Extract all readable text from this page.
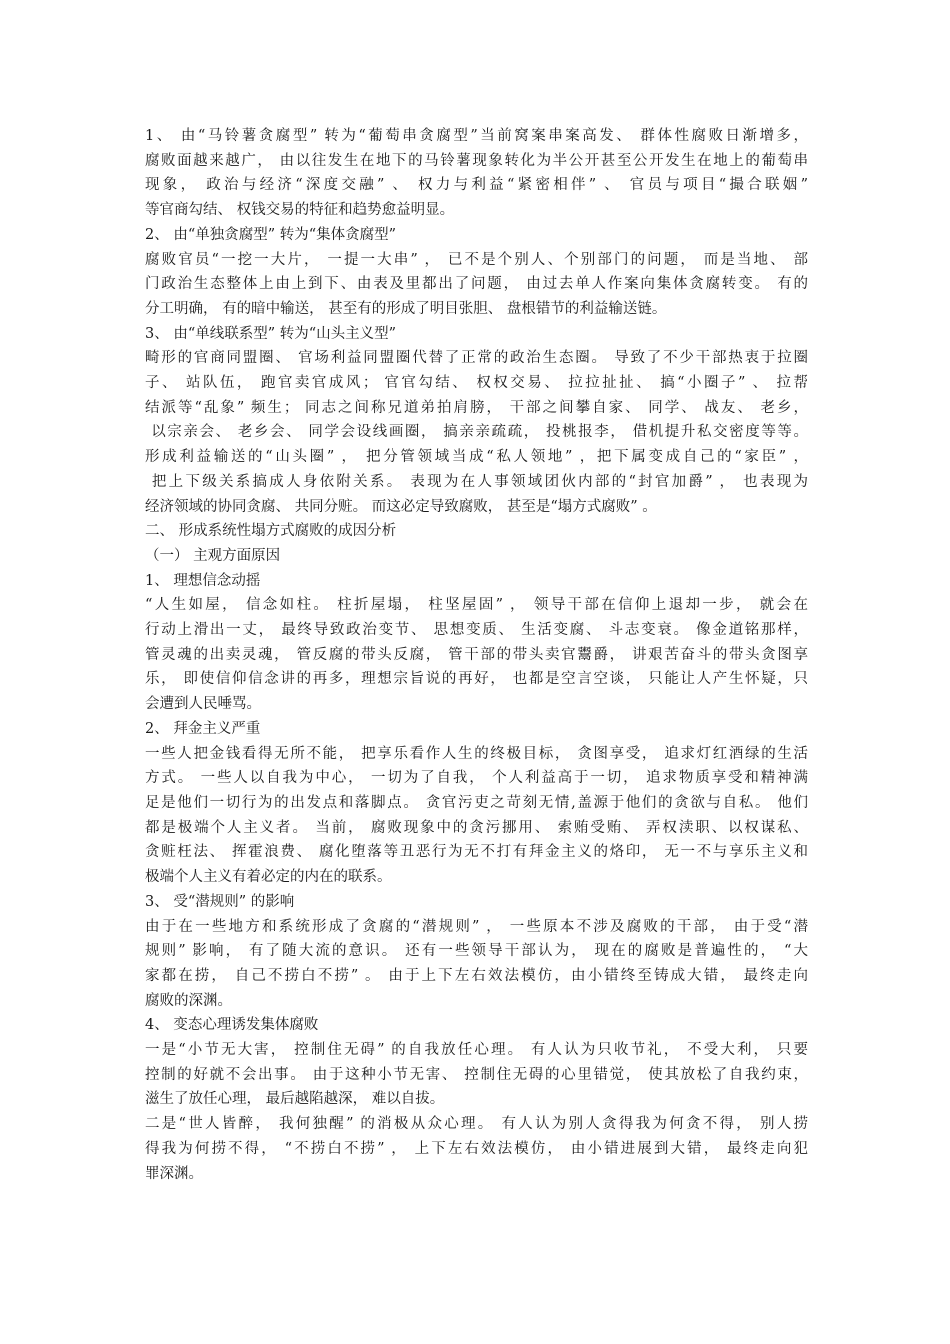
1、 由“马铃薯贪腐型” 转为“葡萄串贪腐型”当前窝案串案高发、 群体性腐败日渐增多，
腐败面越来越广， 由以往发生在地下的马铃薯现象转化为半公开甚至公开发生在地上的葡萄串
现象， 政治与经济“深度交融” 、 权力与利益“紧密相伴” 、 官员与项目“撮合联姻”
等官商勾结、 权钱交易的特征和趋势愈益明显。
2、 由“单独贪腐型” 转为“集体贪腐型”
腐败官员“一挖一大片， 一提一大串” ， 已不是个别人、个别部门的问题， 而是当地、 部
门政治生态整体上由上到下、由表及里都出了问题， 由过去单人作案向集体贪腐转变。 有的
分工明确， 有的暗中输送， 甚至有的形成了明目张胆、 盘根错节的利益输送链。
3、 由“单线联系型” 转为“山头主义型”
畸形的官商同盟圈、 官场利益同盟圈代替了正常的政治生态圈。 导致了不少干部热衷于拉圈
子、 站队伍， 跑官卖官成风； 官官勾结、 权权交易、 拉拉扯扯、 搞“小圈子” 、 拉帮
结派等“乱象” 频生； 同志之间称兄道弟拍肩膀， 干部之间攀自家、 同学、 战友、 老乡，
以宗亲会、 老乡会、 同学会设线画圈， 搞亲亲疏疏， 投桃报李， 借机提升私交密度等等。
形成利益输送的“山头圈” ， 把分管领域当成“私人领地” ，把下属变成自己的“家臣” ，
把上下级关系搞成人身依附关系。 表现为在人事领域团伙内部的“封官加爵” ， 也表现为
经济领域的协同贪腐、 共同分赃。 而这必定导致腐败， 甚至是“塌方式腐败” 。
二、 形成系统性塌方式腐败的成因分析
（一） 主观方面原因
1、 理想信念动摇
“人生如屋， 信念如柱。 柱折屋塌， 柱坚屋固” ， 领导干部在信仰上退却一步， 就会在
行动上滑出一丈， 最终导致政治变节、 思想变质、 生活变腐、 斗志变衰。 像金道铭那样，
管灵魂的出卖灵魂， 管反腐的带头反腐， 管干部的带头卖官鬻爵， 讲艰苦奋斗的带头贪图享
乐， 即使信仰信念讲的再多，理想宗旨说的再好， 也都是空言空谈， 只能让人产生怀疑，只
会遭到人民唾骂。
2、 拜金主义严重
一些人把金钱看得无所不能， 把享乐看作人生的终极目标， 贪图享受， 追求灯红酒绿的生活
方式。 一些人以自我为中心， 一切为了自我， 个人利益高于一切， 追求物质享受和精神满
足是他们一切行为的出发点和落脚点。 贪官污吏之苛刻无情,盖源于他们的贪欲与自私。 他们
都是极端个人主义者。 当前， 腐败现象中的贪污挪用、 索贿受贿、 弄权渎职、以权谋私、
贪赃枉法、 挥霍浪费、 腐化堕落等丑恶行为无不打有拜金主义的烙印， 无一不与享乐主义和
极端个人主义有着必定的内在的联系。
3、 受“潜规则” 的影响
由于在一些地方和系统形成了贪腐的“潜规则” ， 一些原本不涉及腐败的干部， 由于受“潜
规则” 影响， 有了随大流的意识。 还有一些领导干部认为， 现在的腐败是普遍性的， “大
家都在捞， 自己不捞白不捞” 。 由于上下左右效法模仿，由小错终至铸成大错， 最终走向
腐败的深渊。
4、 变态心理诱发集体腐败
一是“小节无大害， 控制住无碍” 的自我放任心理。 有人认为只收节礼， 不受大利， 只要
控制的好就不会出事。 由于这种小节无害、 控制住无碍的心里错觉， 使其放松了自我约束，
滋生了放任心理， 最后越陷越深， 难以自拔。
二是“世人皆醉， 我何独醒” 的消极从众心理。 有人认为别人贪得我为何贪不得， 别人捞
得我为何捞不得， “不捞白不捞” ， 上下左右效法模仿， 由小错进展到大错， 最终走向犯
罪深渊。
